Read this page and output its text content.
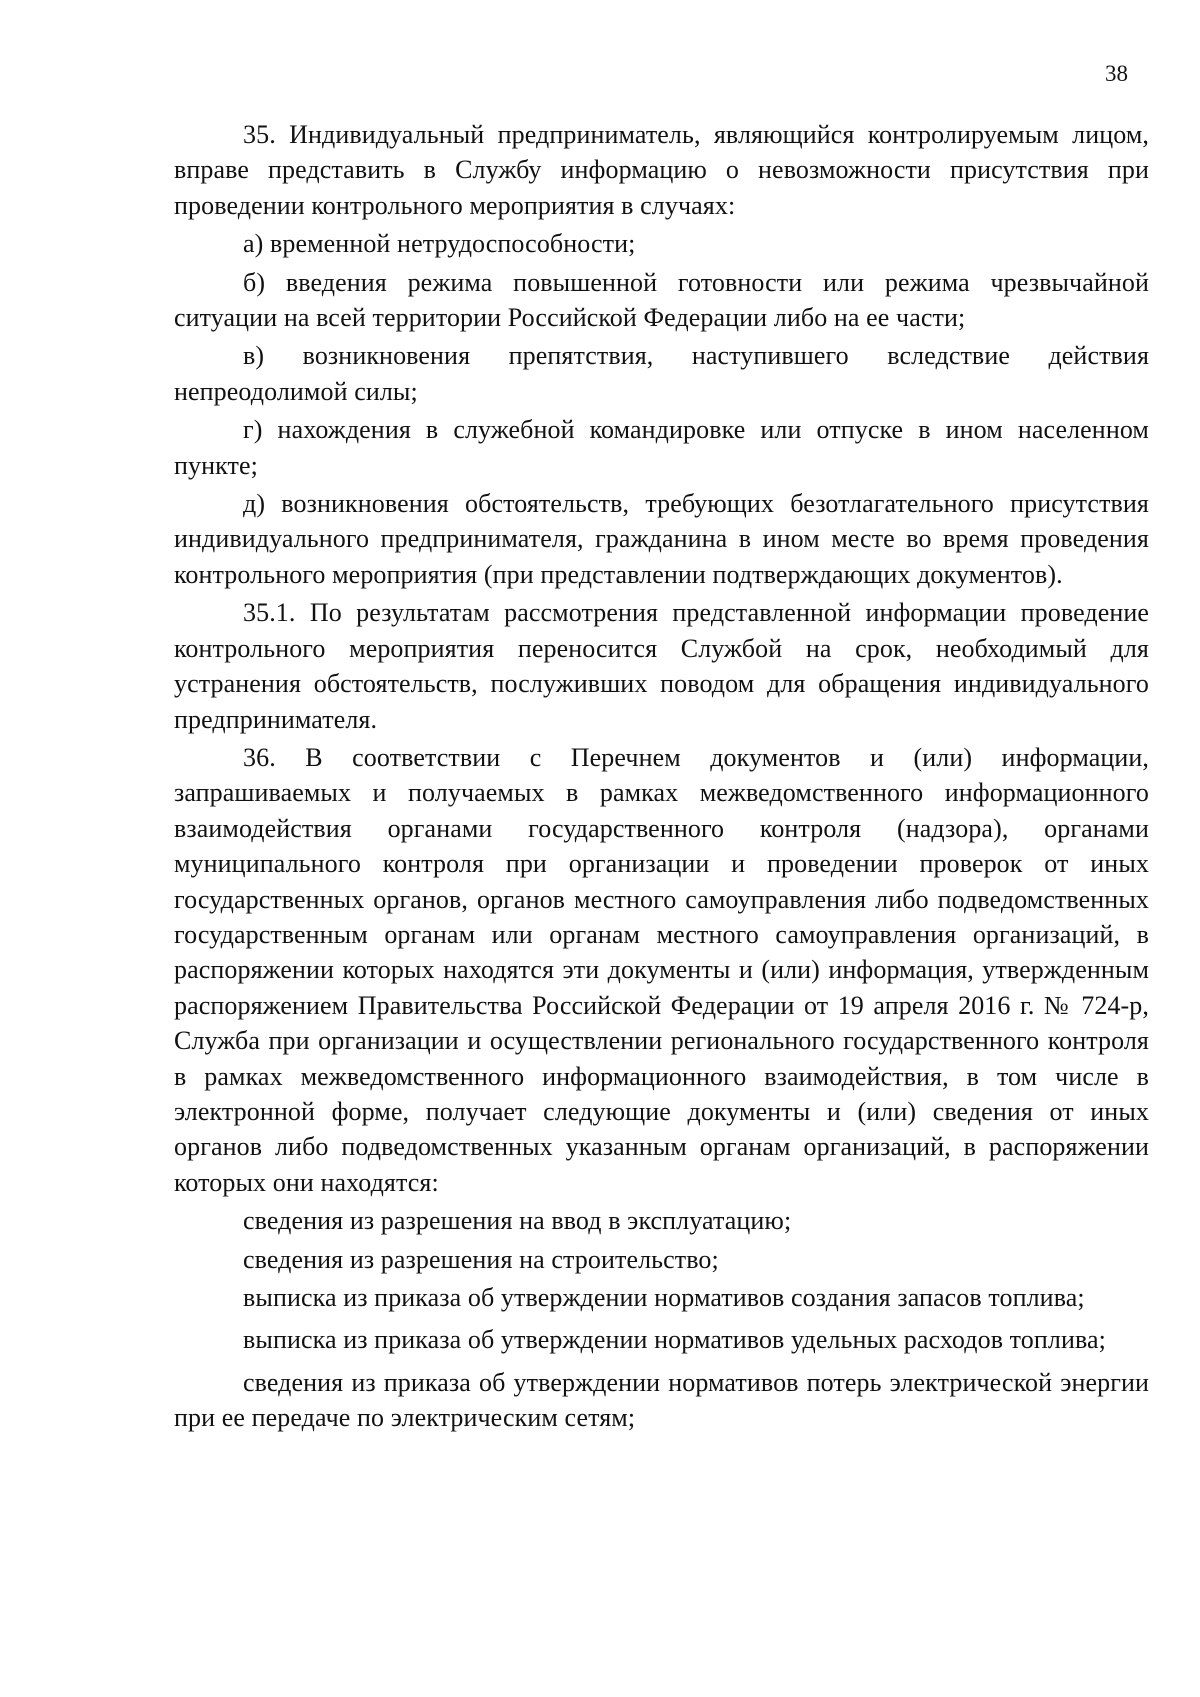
38

35. Индивидуальный предприниматель, являющийся контролируемым лицом, вправе представить в Службу информацию о невозможности присутствия при проведении контрольного мероприятия в случаях:

а) временной нетрудоспособности;

б) введения режима повышенной готовности или режима чрезвычайной ситуации на всей территории Российской Федерации либо на ее части;

в) возникновения препятствия, наступившего вследствие действия непреодолимой силы;

г) нахождения в служебной командировке или отпуске в ином населенном пункте;

д) возникновения обстоятельств, требующих безотлагательного присутствия индивидуального предпринимателя, гражданина в ином месте во время проведения контрольного мероприятия (при представлении подтверждающих документов).

35.1. По результатам рассмотрения представленной информации проведение контрольного мероприятия переносится Службой на срок, необходимый для устранения обстоятельств, послуживших поводом для обращения индивидуального предпринимателя.

36. В соответствии с Перечнем документов и (или) информации, запрашиваемых и получаемых в рамках межведомственного информационного взаимодействия органами государственного контроля (надзора), органами муниципального контроля при организации и проведении проверок от иных государственных органов, органов местного самоуправления либо подведомственных государственным органам или органам местного самоуправления организаций, в распоряжении которых находятся эти документы и (или) информация, утвержденным распоряжением Правительства Российской Федерации от 19 апреля 2016 г. № 724-р, Служба при организации и осуществлении регионального государственного контроля в рамках межведомственного информационного взаимодействия, в том числе в электронной форме, получает следующие документы и (или) сведения от иных органов либо подведомственных указанным органам организаций, в распоряжении которых они находятся:

сведения из разрешения на ввод в эксплуатацию;

сведения из разрешения на строительство;

выписка из приказа об утверждении нормативов создания запасов топлива;

выписка из приказа об утверждении нормативов удельных расходов топлива;

сведения из приказа об утверждении нормативов потерь электрической энергии при ее передаче по электрическим сетям;
